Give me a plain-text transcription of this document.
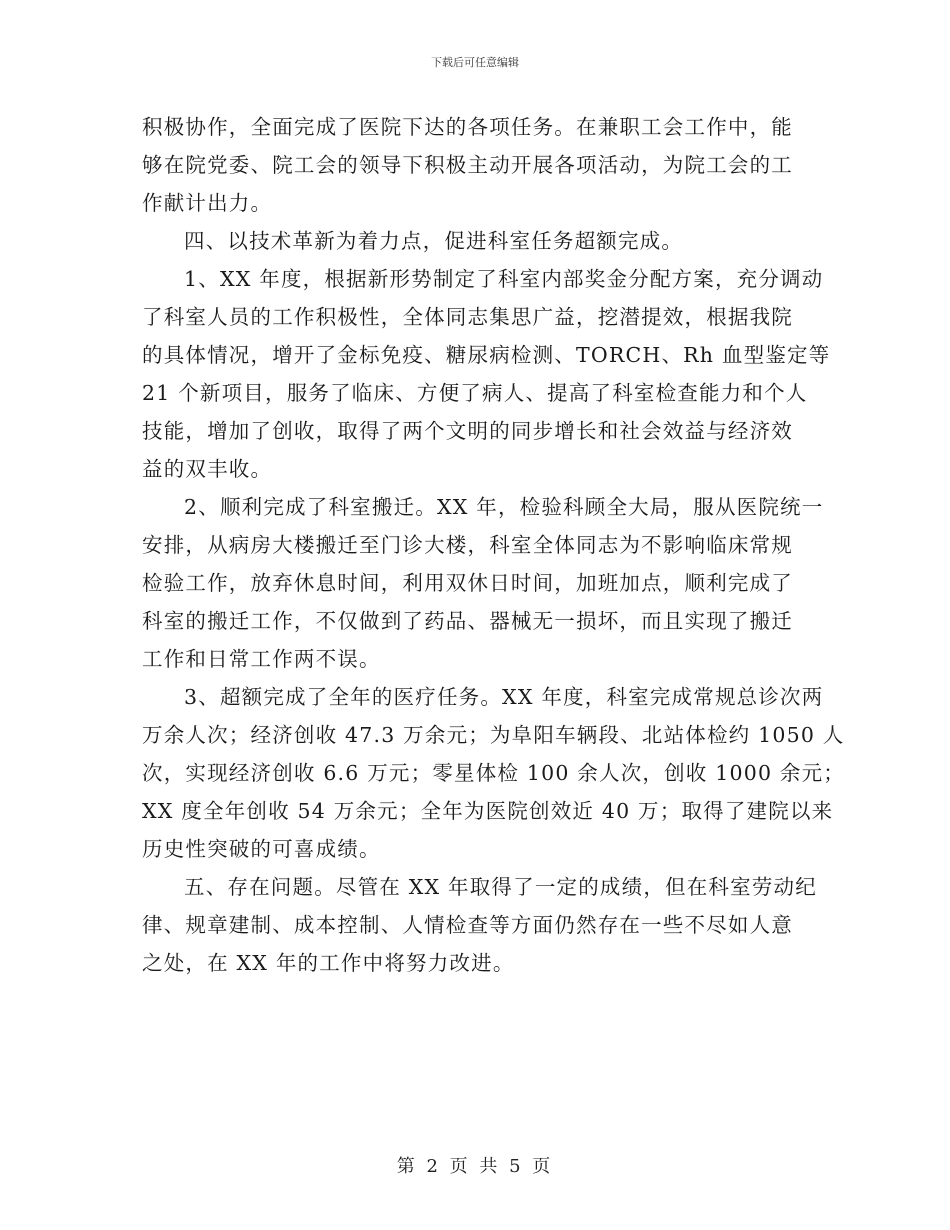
下载后可任意编辑
积极协作，全面完成了医院下达的各项任务。在兼职工会工作中，能
够在院党委、院工会的领导下积极主动开展各项活动，为院工会的工
作献计出力。
四、以技术革新为着力点，促进科室任务超额完成。
1、XX 年度，根据新形势制定了科室内部奖金分配方案，充分调动
了科室人员的工作积极性，全体同志集思广益，挖潜提效，根据我院
的具体情况，增开了金标免疫、糖尿病检测、TORCH、Rh 血型鉴定等
21 个新项目，服务了临床、方便了病人、提高了科室检查能力和个人
技能，增加了创收，取得了两个文明的同步增长和社会效益与经济效
益的双丰收。
2、顺利完成了科室搬迁。XX 年，检验科顾全大局，服从医院统一
安排，从病房大楼搬迁至门诊大楼，科室全体同志为不影响临床常规
检验工作，放弃休息时间，利用双休日时间，加班加点，顺利完成了
科室的搬迁工作，不仅做到了药品、器械无一损坏，而且实现了搬迁
工作和日常工作两不误。
3、超额完成了全年的医疗任务。XX 年度，科室完成常规总诊次两
万余人次；经济创收 47.3 万余元；为阜阳车辆段、北站体检约 1050 人
次，实现经济创收 6.6 万元；零星体检 100 余人次，创收 1000 余元；
XX 度全年创收 54 万余元；全年为医院创效近 40 万；取得了建院以来
历史性突破的可喜成绩。
五、存在问题。尽管在 XX 年取得了一定的成绩，但在科室劳动纪
律、规章建制、成本控制、人情检查等方面仍然存在一些不尽如人意
之处，在 XX 年的工作中将努力改进。
第 2 页 共 5 页
